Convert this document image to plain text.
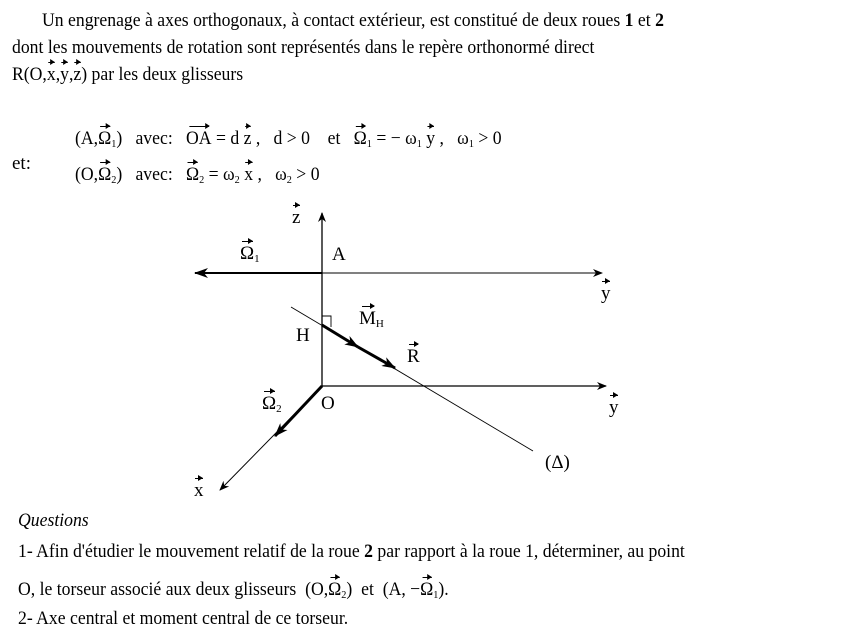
Un engrenage à axes orthogonaux, à contact extérieur, est constitué de deux roues 1 et 2
dont les mouvements de rotation sont représentés dans le repère orthonormé direct
R(O,x,y,z) par les deux glisseurs
$(A,\Omega_1)$   avec:   OA = d z ,   d > 0    et   $\Omega_1$ = − $\omega_1$ y ,   $\omega_1 > 0$
et:
$(O,\Omega_2)$   avec:   $\Omega_2 = \omega_2$ x ,   $\omega_2 > 0$
z
$\Omega_1$	A
y
H
$M_H$
R
$\Omega_2$ O	y
(Δ)
x
Questions
1- Afin d'étudier le mouvement relatif de la roue 2 par rapport à la roue 1, déterminer, au point
O, le torseur associé aux deux glisseurs  $(O,\Omega_2)$  et  (A, $-\Omega_1$).
2- Axe central et moment central de ce torseur.
